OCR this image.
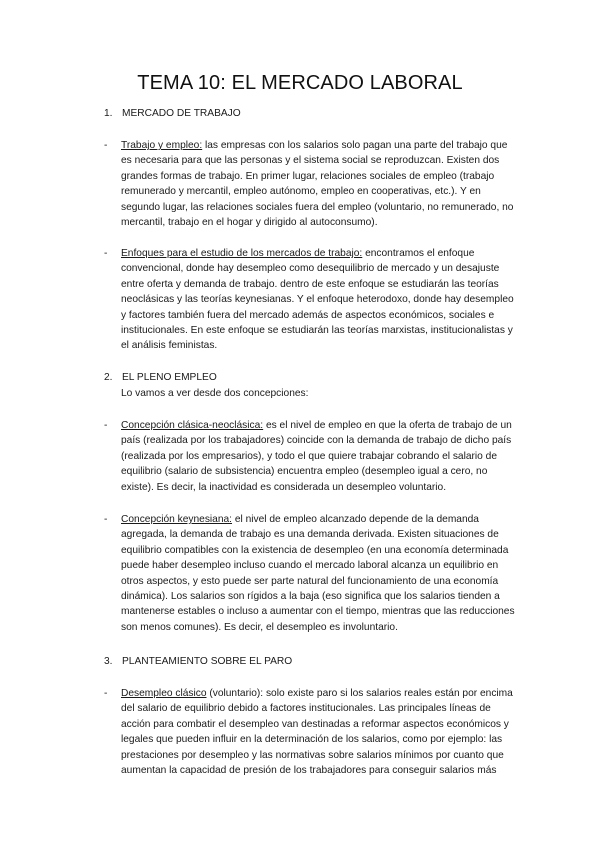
TEMA 10: EL MERCADO LABORAL
1. MERCADO DE TRABAJO
- Trabajo y empleo: las empresas con los salarios solo pagan una parte del trabajo que es necesaria para que las personas y el sistema social se reproduzcan. Existen dos grandes formas de trabajo. En primer lugar, relaciones sociales de empleo (trabajo remunerado y mercantil, empleo autónomo, empleo en cooperativas, etc.). Y en segundo lugar, las relaciones sociales fuera del empleo (voluntario, no remunerado, no mercantil, trabajo en el hogar y dirigido al autoconsumo).
- Enfoques para el estudio de los mercados de trabajo: encontramos el enfoque convencional, donde hay desempleo como desequilibrio de mercado y un desajuste entre oferta y demanda de trabajo. dentro de este enfoque se estudiarán las teorías neoclásicas y las teorías keynesianas. Y el enfoque heterodoxo, donde hay desempleo y factores también fuera del mercado además de aspectos económicos, sociales e institucionales. En este enfoque se estudiarán las teorías marxistas, institucionalistas y el análisis feministas.
2. EL PLENO EMPLEO
Lo vamos a ver desde dos concepciones:
- Concepción clásica-neoclásica: es el nivel de empleo en que la oferta de trabajo de un país (realizada por los trabajadores) coincide con la demanda de trabajo de dicho país (realizada por los empresarios), y todo el que quiere trabajar cobrando el salario de equilibrio (salario de subsistencia) encuentra empleo (desempleo igual a cero, no existe). Es decir, la inactividad es considerada un desempleo voluntario.
- Concepción keynesiana: el nivel de empleo alcanzado depende de la demanda agregada, la demanda de trabajo es una demanda derivada. Existen situaciones de equilibrio compatibles con la existencia de desempleo (en una economía determinada puede haber desempleo incluso cuando el mercado laboral alcanza un equilibrio en otros aspectos, y esto puede ser parte natural del funcionamiento de una economía dinámica). Los salarios son rígidos a la baja (eso significa que los salarios tienden a mantenerse estables o incluso a aumentar con el tiempo, mientras que las reducciones son menos comunes). Es decir, el desempleo es involuntario.
3. PLANTEAMIENTO SOBRE EL PARO
- Desempleo clásico (voluntario): solo existe paro si los salarios reales están por encima del salario de equilibrio debido a factores institucionales. Las principales líneas de acción para combatir el desempleo van destinadas a reformar aspectos económicos y legales que pueden influir en la determinación de los salarios, como por ejemplo: las prestaciones por desempleo y las normativas sobre salarios mínimos por cuanto que aumentan la capacidad de presión de los trabajadores para conseguir salarios más
